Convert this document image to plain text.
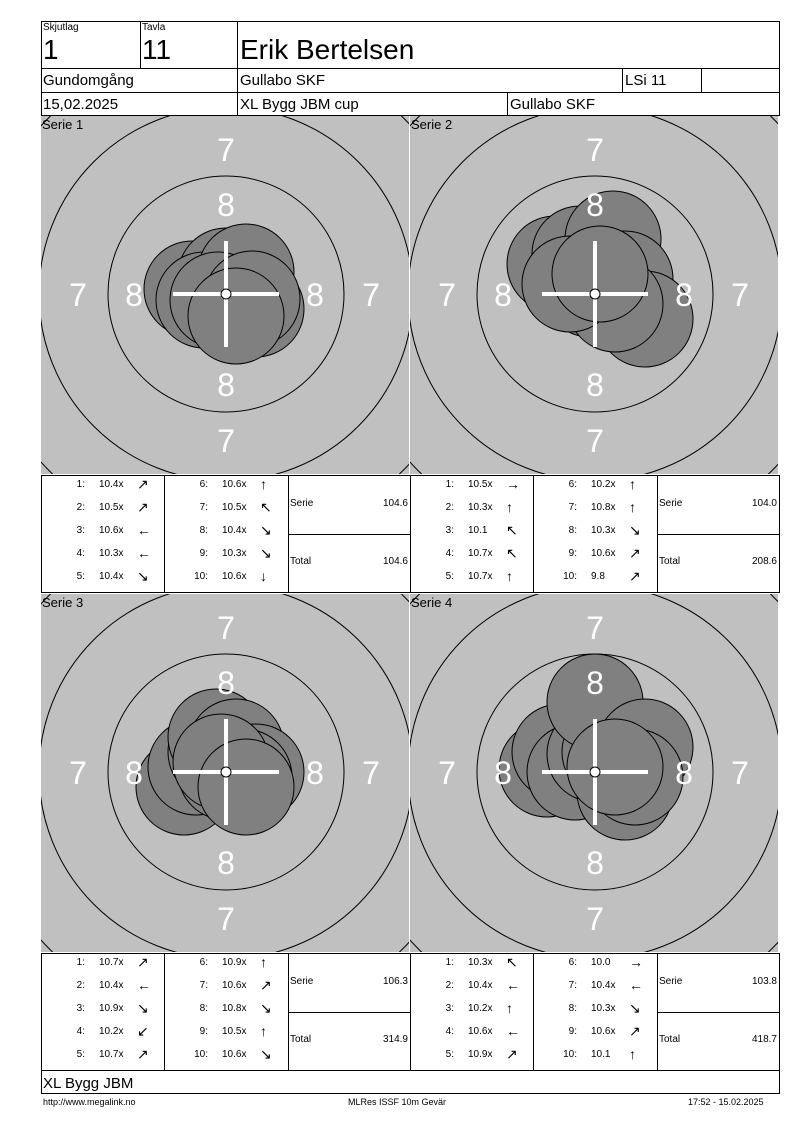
Skjutlag
1
Tavla
11 Erik Bertelsen
Gundomgång	Gullabo SKF	LSi 11
15,02.2025	XL Bygg JBM cup	Gullabo SKF
7
7
7	7
8
8
8	8
Serie 1
1: 10.4x ↗
2: 10.5x ↗
3: 10.6x ←
4: 10.3x ←
5: 10.4x ↘
6: 10.6x ↑
7: 10.5x ↖
8: 10.4x ↘
9: 10.3x ↘
10: 10.6x ↓
Serie	104.6
Total	104.6
7
7
7	7
8
8
8	8
Serie 2
1: 10.5x →
2: 10.3x ↑
3: 10.1 ↖
4: 10.7x ↖
5: 10.7x ↑
6: 10.2x ↑
7: 10.8x ↑
8: 10.3x ↘
9: 10.6x ↗
10: 9.8 ↗
Serie	104.0
Total	208.6
7
7
7	7
8
8
8	8
Serie 3
1: 10.7x ↗
2: 10.4x ←
3: 10.9x ↘
4: 10.2x ↙
5: 10.7x ↗
6: 10.9x ↑
7: 10.6x ↗
8: 10.8x ↘
9: 10.5x ↑
10: 10.6x ↘
Serie	106.3
Total	314.9
7
7
7	7
8
8
8	8
Serie 4
1: 10.3x ↖
2: 10.4x ←
3: 10.2x ↑
4: 10.6x ←
5: 10.9x ↗
6: 10.0 →
7: 10.4x ←
8: 10.3x ↘
9: 10.6x ↗
10: 10.1 ↑
Serie	103.8
Total	418.7
XL Bygg JBM
http://www.megalink.no	MLRes ISSF 10m Gevär	17:52 - 15.02.2025
